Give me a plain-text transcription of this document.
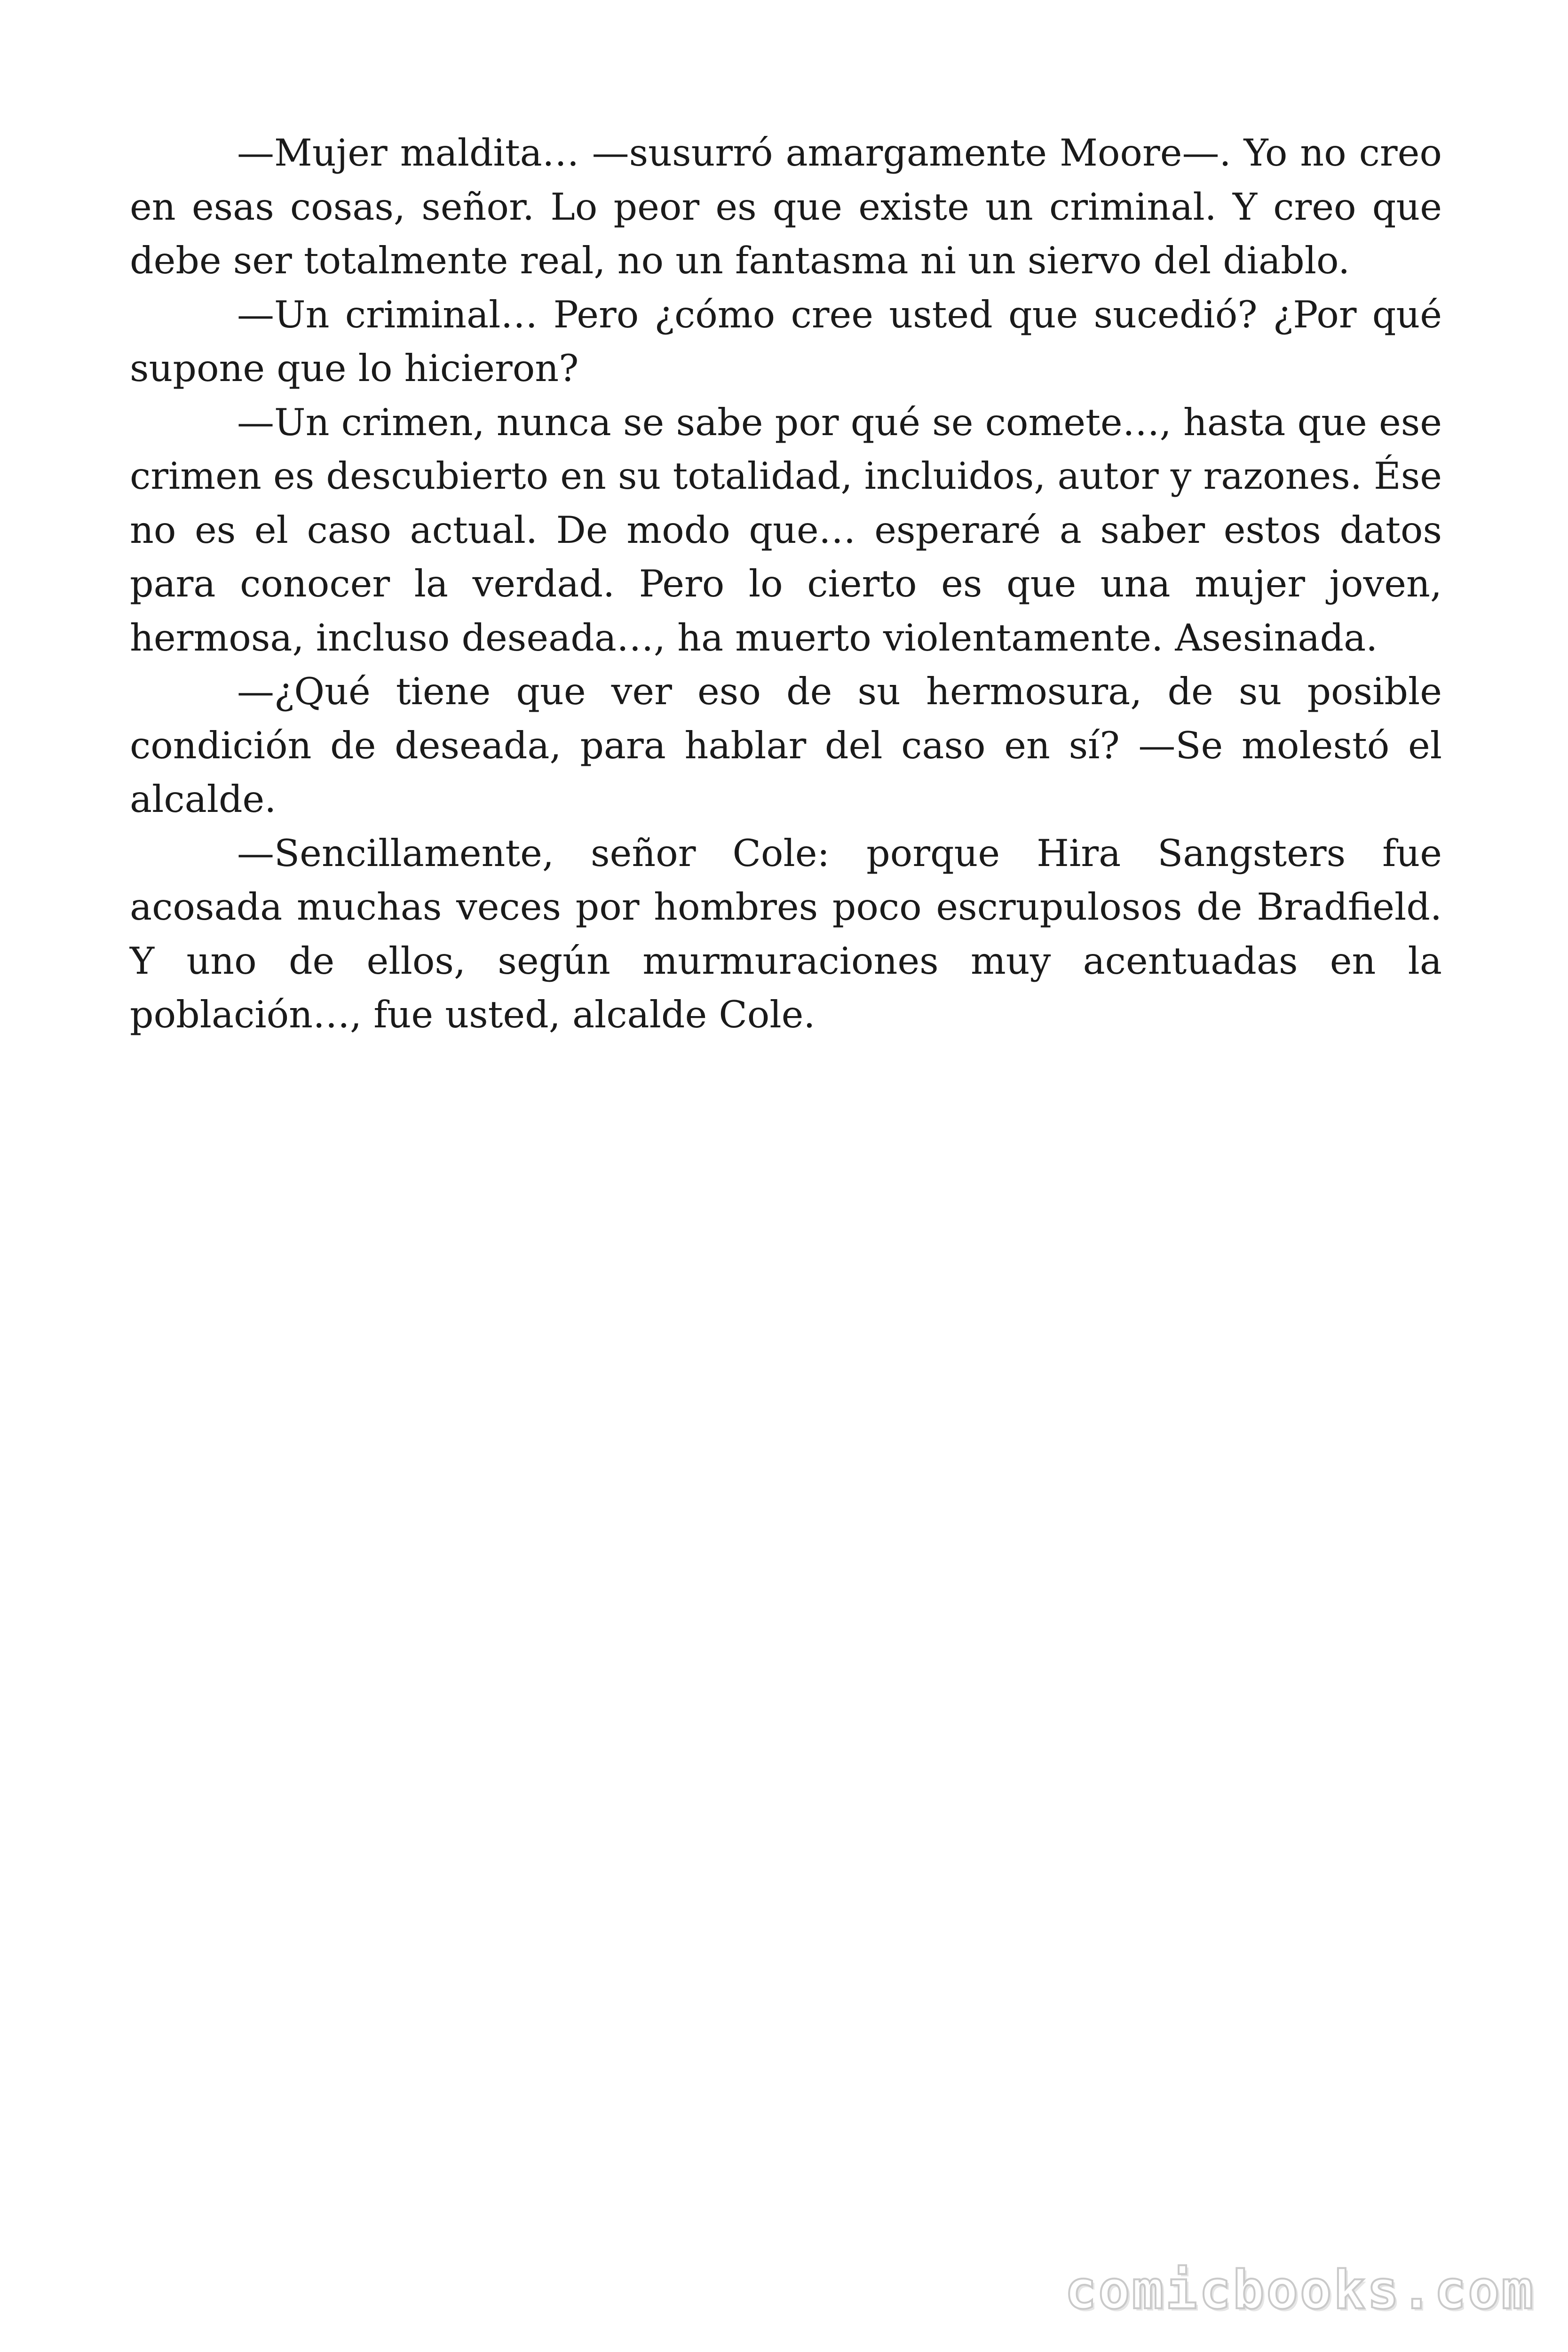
—Mujer maldita… —susurró amargamente Moore—. Yo no creo en esas cosas, señor. Lo peor es que existe un criminal. Y creo que debe ser totalmente real, no un fantasma ni un siervo del diablo.

—Un criminal… Pero ¿cómo cree usted que sucedió? ¿Por qué supone que lo hicieron?

—Un crimen, nunca se sabe por qué se comete…, hasta que ese crimen es descubierto en su totalidad, incluidos, autor y razones. Ése no es el caso actual. De modo que… esperaré a saber estos datos para conocer la verdad. Pero lo cierto es que una mujer joven, hermosa, incluso deseada…, ha muerto violentamente. Asesinada.

—¿Qué tiene que ver eso de su hermosura, de su posible condición de deseada, para hablar del caso en sí? —Se molestó el alcalde.

—Sencillamente, señor Cole: porque Hira Sangsters fue acosada muchas veces por hombres poco escrupulosos de Bradfield. Y uno de ellos, según murmuraciones muy acentuadas en la población…, fue usted, alcalde Cole.

comicbooks.com
